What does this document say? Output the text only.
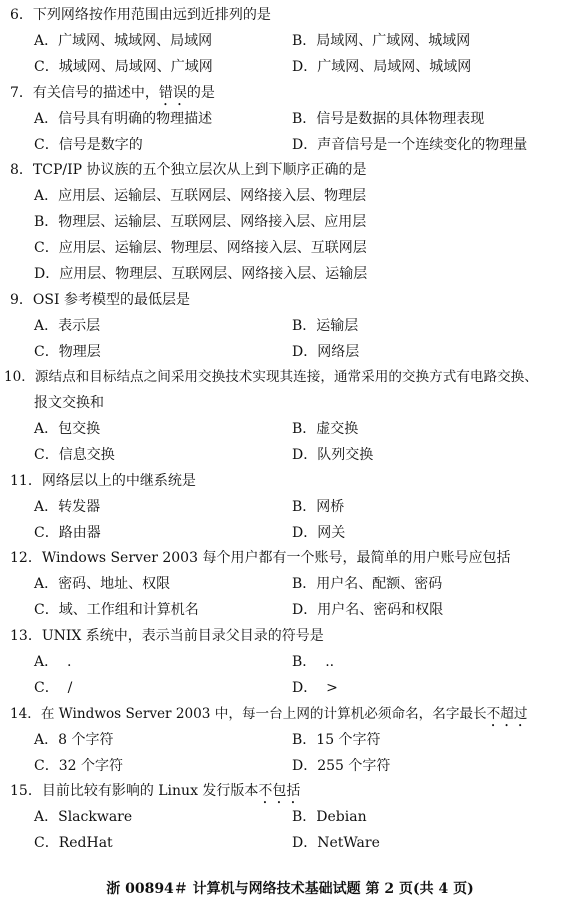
6．下列网络按作用范围由远到近排列的是
A．广域网、城域网、局域网	B．局域网、广域网、城域网
C．城域网、局域网、广域网	D．广域网、局域网、城域网
7．有关信号的描述中，错误的是
A．信号具有明确的物理描述	B．信号是数据的具体物理表现
C．信号是数字的	D．声音信号是一个连续变化的物理量
8．TCP/IP 协议族的五个独立层次从上到下顺序正确的是
A．应用层、运输层、互联网层、网络接入层、物理层
B．物理层、运输层、互联网层、网络接入层、应用层
C．应用层、运输层、物理层、网络接入层、互联网层
D．应用层、物理层、互联网层、网络接入层、运输层
9．OSI 参考模型的最低层是
A．表示层	B．运输层
C．物理层	D．网络层
10．源结点和目标结点之间采用交换技术实现其连接，通常采用的交换方式有电路交换、
报文交换和
A．包交换	B．虚交换
C．信息交换	D．队列交换
11．网络层以上的中继系统是
A．转发器	B．网桥
C．路由器	D．网关
12．Windows Server 2003 每个用户都有一个账号，最简单的用户账号应包括
A．密码、地址、权限	B．用户名、配额、密码
C．域、工作组和计算机名	D．用户名、密码和权限
13．UNIX 系统中，表示当前目录父目录的符号是
A．  .	B．  ..
C．  /	D．  >
14．在 Windwos Server 2003 中，每一台上网的计算机必须命名，名字最长不超过
A．8 个字符	B．15 个字符
C．32 个字符	D．255 个字符
15．目前比较有影响的 Linux 发行版本不包括
A．Slackware	B．Debian
C．RedHat	D．NetWare
浙 00894＃ 计算机与网络技术基础试题 第 2 页(共 4 页)
